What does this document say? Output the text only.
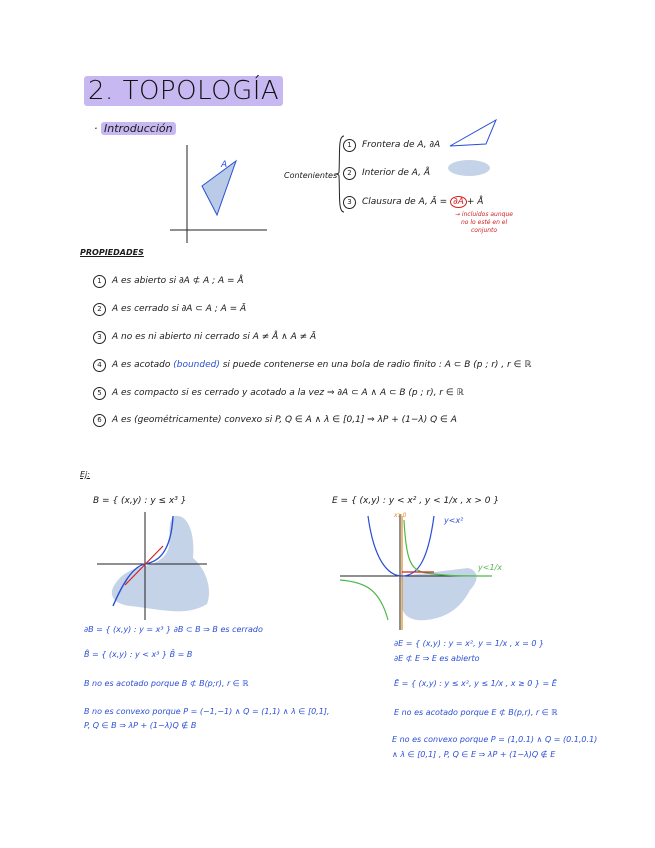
2. TOPOLOGÍA
· Introducción
A
Contenientes
1 Frontera de A, ∂A
2 Interior de A, Å
3 Clausura de A, Ā = ∂A + Å
→ incluidos aunque
no lo esté en el
conjunto
PROPIEDADES
1 A es abierto si ∂A ⊄ A ; A = Å
2 A es cerrado si ∂A ⊂ A ; A = Ā
3 A no es ni abierto ni cerrado si A ≠ Å ∧ A ≠ Ā
4 A es acotado (bounded) si puede contenerse en una bola de radio finito : A ⊂ B (p ; r) , r ∈ ℝ
5 A es compacto si es cerrado y acotado a la vez ⇒ ∂A ⊂ A ∧ A ⊂ B (p ; r), r ∈ ℝ
6 A es (geométricamente) convexo si P, Q ∈ A ∧ λ ∈ [0,1] ⇒ λP + (1−λ) Q ∈ A
Ej:
B = { (x,y) : y ≤ x³ }
∂B = { (x,y) : y = x³ } ∂B ⊂ B ⇒ B es cerrado
B̊ = { (x,y) : y < x³ } B̄ = B
B no es acotado porque B ⊄ B(p;r), r ∈ ℝ
B no es convexo porque P = (−1,−1) ∧ Q = (1,1) ∧ λ ∈ [0,1],
P, Q ∈ B ⇒ λP + (1−λ)Q ∉ B
E = { (x,y) : y < x² , y < 1/x , x > 0 }
y<x²
y<1/x
x>0
∂E = { (x,y) : y = x², y = 1/x , x = 0 }
∂E ⊄ E ⇒ E es abierto
Ē = { (x,y) : y ≤ x², y ≤ 1/x , x ≥ 0 } = Ē
E no es acotado porque E ⊄ B(p,r), r ∈ ℝ
E no es convexo porque P = (1,0.1) ∧ Q = (0.1,0.1)
∧ λ ∈ [0,1] , P, Q ∈ E ⇒ λP + (1−λ)Q ∉ E
